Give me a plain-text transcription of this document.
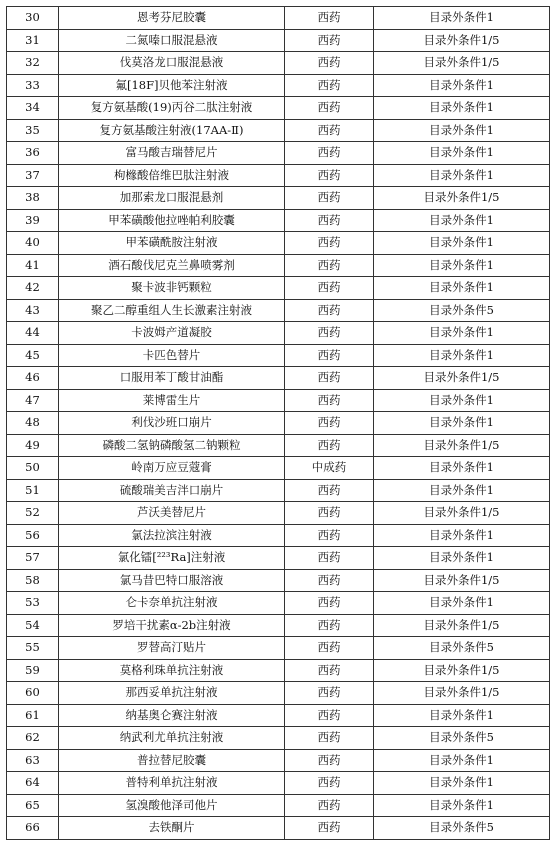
30	恩考芬尼胶囊	西药	目录外条件1
31	二氮嗪口服混悬液	西药	目录外条件1/5
32	伐莫洛龙口服混悬液	西药	目录外条件1/5
33	氟[18F]贝他苯注射液	西药	目录外条件1
34	复方氨基酸(19)丙谷二肽注射液	西药	目录外条件1
35	复方氨基酸注射液(17AA-Ⅱ)	西药	目录外条件1
36	富马酸吉瑞替尼片	西药	目录外条件1
37	枸橼酸倍维巴肽注射液	西药	目录外条件1
38	加那索龙口服混悬剂	西药	目录外条件1/5
39	甲苯磺酸他拉唑帕利胶囊	西药	目录外条件1
40	甲苯磺酰胺注射液	西药	目录外条件1
41	酒石酸伐尼克兰鼻喷雾剂	西药	目录外条件1
42	聚卡波非钙颗粒	西药	目录外条件1
43	聚乙二醇重组人生长激素注射液	西药	目录外条件5
44	卡波姆产道凝胶	西药	目录外条件1
45	卡匹色替片	西药	目录外条件1
46	口服用苯丁酸甘油酯	西药	目录外条件1/5
47	莱博雷生片	西药	目录外条件1
48	利伐沙班口崩片	西药	目录外条件1
49	磷酸二氢钠磷酸氢二钠颗粒	西药	目录外条件1/5
50	岭南万应豆蔻膏	中成药	目录外条件1
51	硫酸瑞美吉泮口崩片	西药	目录外条件1
52	芦沃美替尼片	西药	目录外条件1/5
56	氯法拉滨注射液	西药	目录外条件1
57	氯化镭[²²³Ra]注射液	西药	目录外条件1
58	氯马昔巴特口服溶液	西药	目录外条件1/5
53	仑卡奈单抗注射液	西药	目录外条件1
54	罗培干扰素α-2b注射液	西药	目录外条件1/5
55	罗替高汀贴片	西药	目录外条件5
59	莫格利珠单抗注射液	西药	目录外条件1/5
60	那西妥单抗注射液	西药	目录外条件1/5
61	纳基奥仑赛注射液	西药	目录外条件1
62	纳武利尤单抗注射液	西药	目录外条件5
63	普拉替尼胶囊	西药	目录外条件1
64	普特利单抗注射液	西药	目录外条件1
65	氢溴酸他泽司他片	西药	目录外条件1
66	去铁酮片	西药	目录外条件5
